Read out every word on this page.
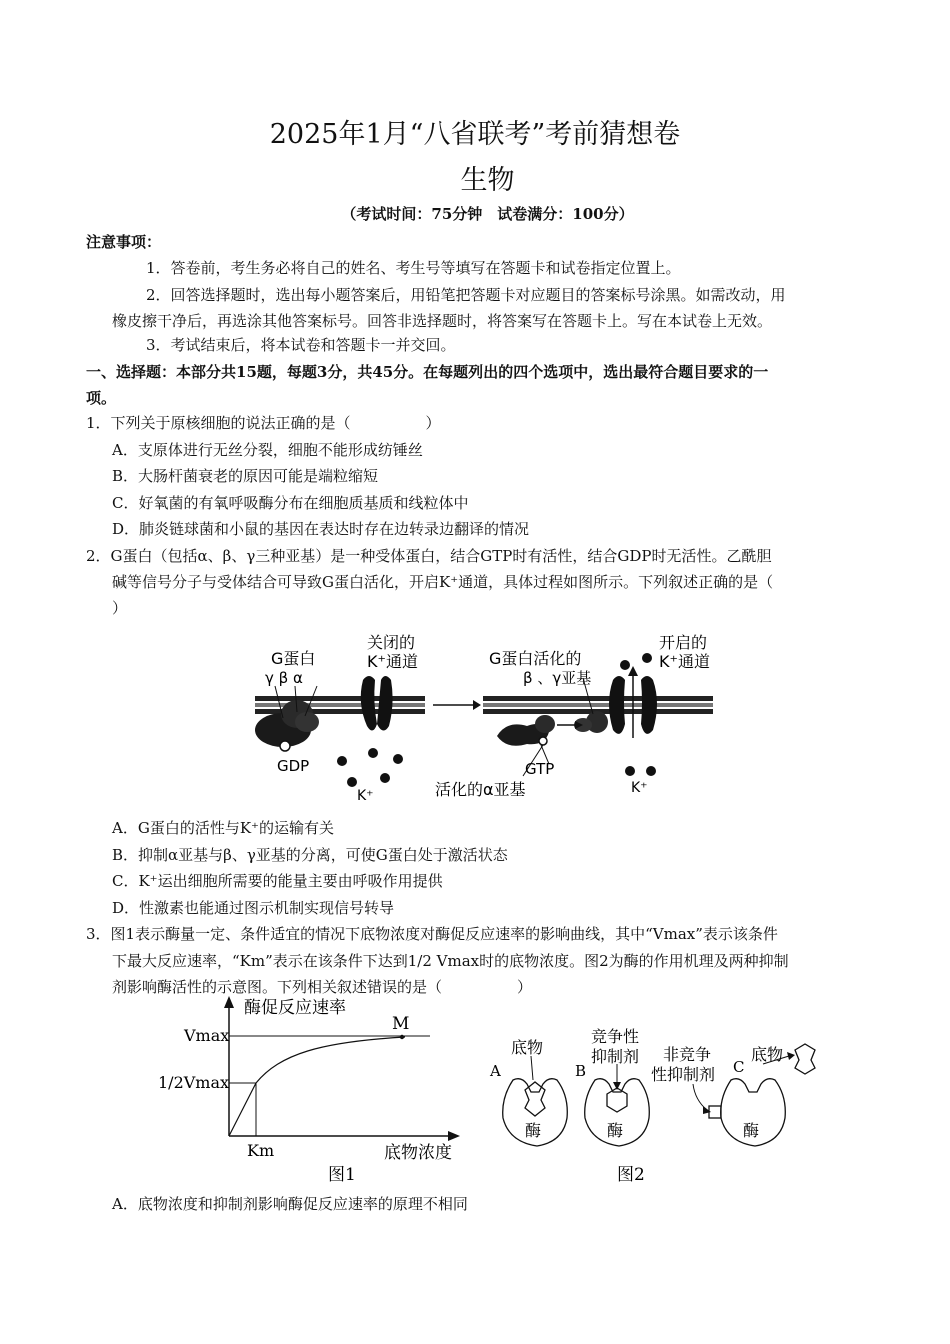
2025年1月“八省联考”考前猜想卷
生物
（考试时间：75分钟　试卷满分：100分）
注意事项：
1．答卷前，考生务必将自己的姓名、考生号等填写在答题卡和试卷指定位置上。
2．回答选择题时，选出每小题答案后，用铅笔把答题卡对应题目的答案标号涂黑。如需改动，用
橡皮擦干净后，再选涂其他答案标号。回答非选择题时，将答案写在答题卡上。写在本试卷上无效。
3．考试结束后，将本试卷和答题卡一并交回。
一、选择题：本部分共15题，每题3分，共45分。在每题列出的四个选项中，选出最符合题目要求的一
项。
1．下列关于原核细胞的说法正确的是（　　　　　）
A．支原体进行无丝分裂，细胞不能形成纺锤丝
B．大肠杆菌衰老的原因可能是端粒缩短
C．好氧菌的有氧呼吸酶分布在细胞质基质和线粒体中
D．肺炎链球菌和小鼠的基因在表达时存在边转录边翻译的情况
2．G蛋白（包括α、β、γ三种亚基）是一种受体蛋白，结合GTP时有活性，结合GDP时无活性。乙酰胆
碱等信号分子与受体结合可导致G蛋白活化，开启K⁺通道，具体过程如图所示。下列叙述正确的是（
）
G蛋白
γ β α
关闭的
K⁺通道	G蛋白活化的
β 、γ亚基
开启的
K⁺通道
GDP
K⁺
GTP
活化的α亚基	K⁺
A．G蛋白的活性与K⁺的运输有关
B．抑制α亚基与β、γ亚基的分离，可使G蛋白处于激活状态
C．K⁺运出细胞所需要的能量主要由呼吸作用提供
D．性激素也能通过图示机制实现信号转导
3．图1表示酶量一定、条件适宜的情况下底物浓度对酶促反应速率的影响曲线，其中“Vmax”表示该条件
下最大反应速率，“Km”表示在该条件下达到1/2 Vmax时的底物浓度。图2为酶的作用机理及两种抑制
剂影响酶活性的示意图。下列相关叙述错误的是（　　　　　）
酶促反应速率
Vmax
1/2Vmax
M
Km	底物浓度
图1
底物
A
酶
B
竞争性
抑制剂
酶
非竞争
性抑制剂 C
底物
酶
图2
A．底物浓度和抑制剂影响酶促反应速率的原理不相同
